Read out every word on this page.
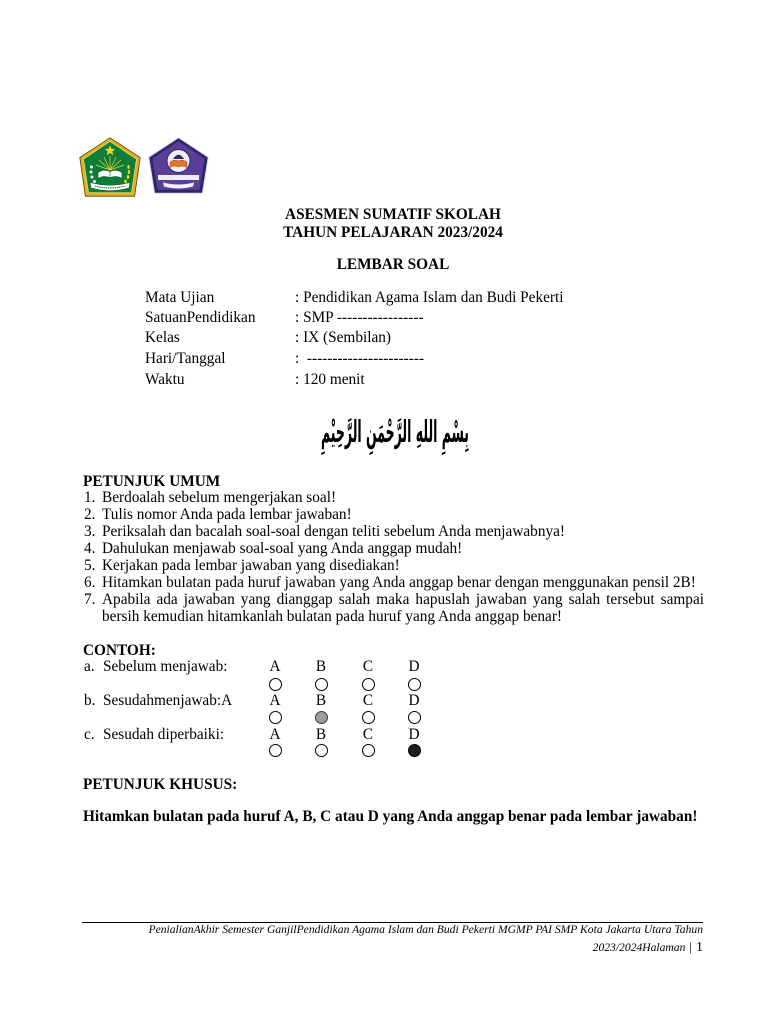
ASESMEN SUMATIF SKOLAH
TAHUN PELAJARAN 2023/2024
LEMBAR SOAL
Mata Ujian	: Pendidikan Agama Islam dan Budi Pekerti
SatuanPendidikan	: SMP -----------------
Kelas	: IX (Sembilan)
Hari/Tanggal	:  -----------------------
Waktu	: 120 menit
بِسْمِ اللهِ الرَّحْمَنِ الرَّحِيْمِ
PETUNJUK UMUM
1. Berdoalah sebelum mengerjakan soal!
2. Tulis nomor Anda pada lembar jawaban!
3. Periksalah dan bacalah soal-soal dengan teliti sebelum Anda menjawabnya!
4. Dahulukan menjawab soal-soal yang Anda anggap mudah!
5. Kerjakan pada lembar jawaban yang disediakan!
6. Hitamkan bulatan pada huruf jawaban yang Anda anggap benar dengan menggunakan pensil 2B!
7. Apabila ada jawaban yang dianggap salah maka hapuslah jawaban yang salah tersebut sampai bersih kemudian hitamkanlah bulatan pada huruf yang Anda anggap benar!
CONTOH:
a. Sebelum menjawab:	A	B	C	D
b. Sesudahmenjawab:A A	B	C	D
c. Sesudah diperbaiki:	A	B	C	D
PETUNJUK KHUSUS:
Hitamkan bulatan pada huruf A, B, C atau D yang Anda anggap benar pada lembar jawaban!
PenialianAkhir Semester GanjilPendidikan Agama Islam dan Budi Pekerti MGMP PAI SMP Kota Jakarta Utara Tahun
2023/2024Halaman | 1
